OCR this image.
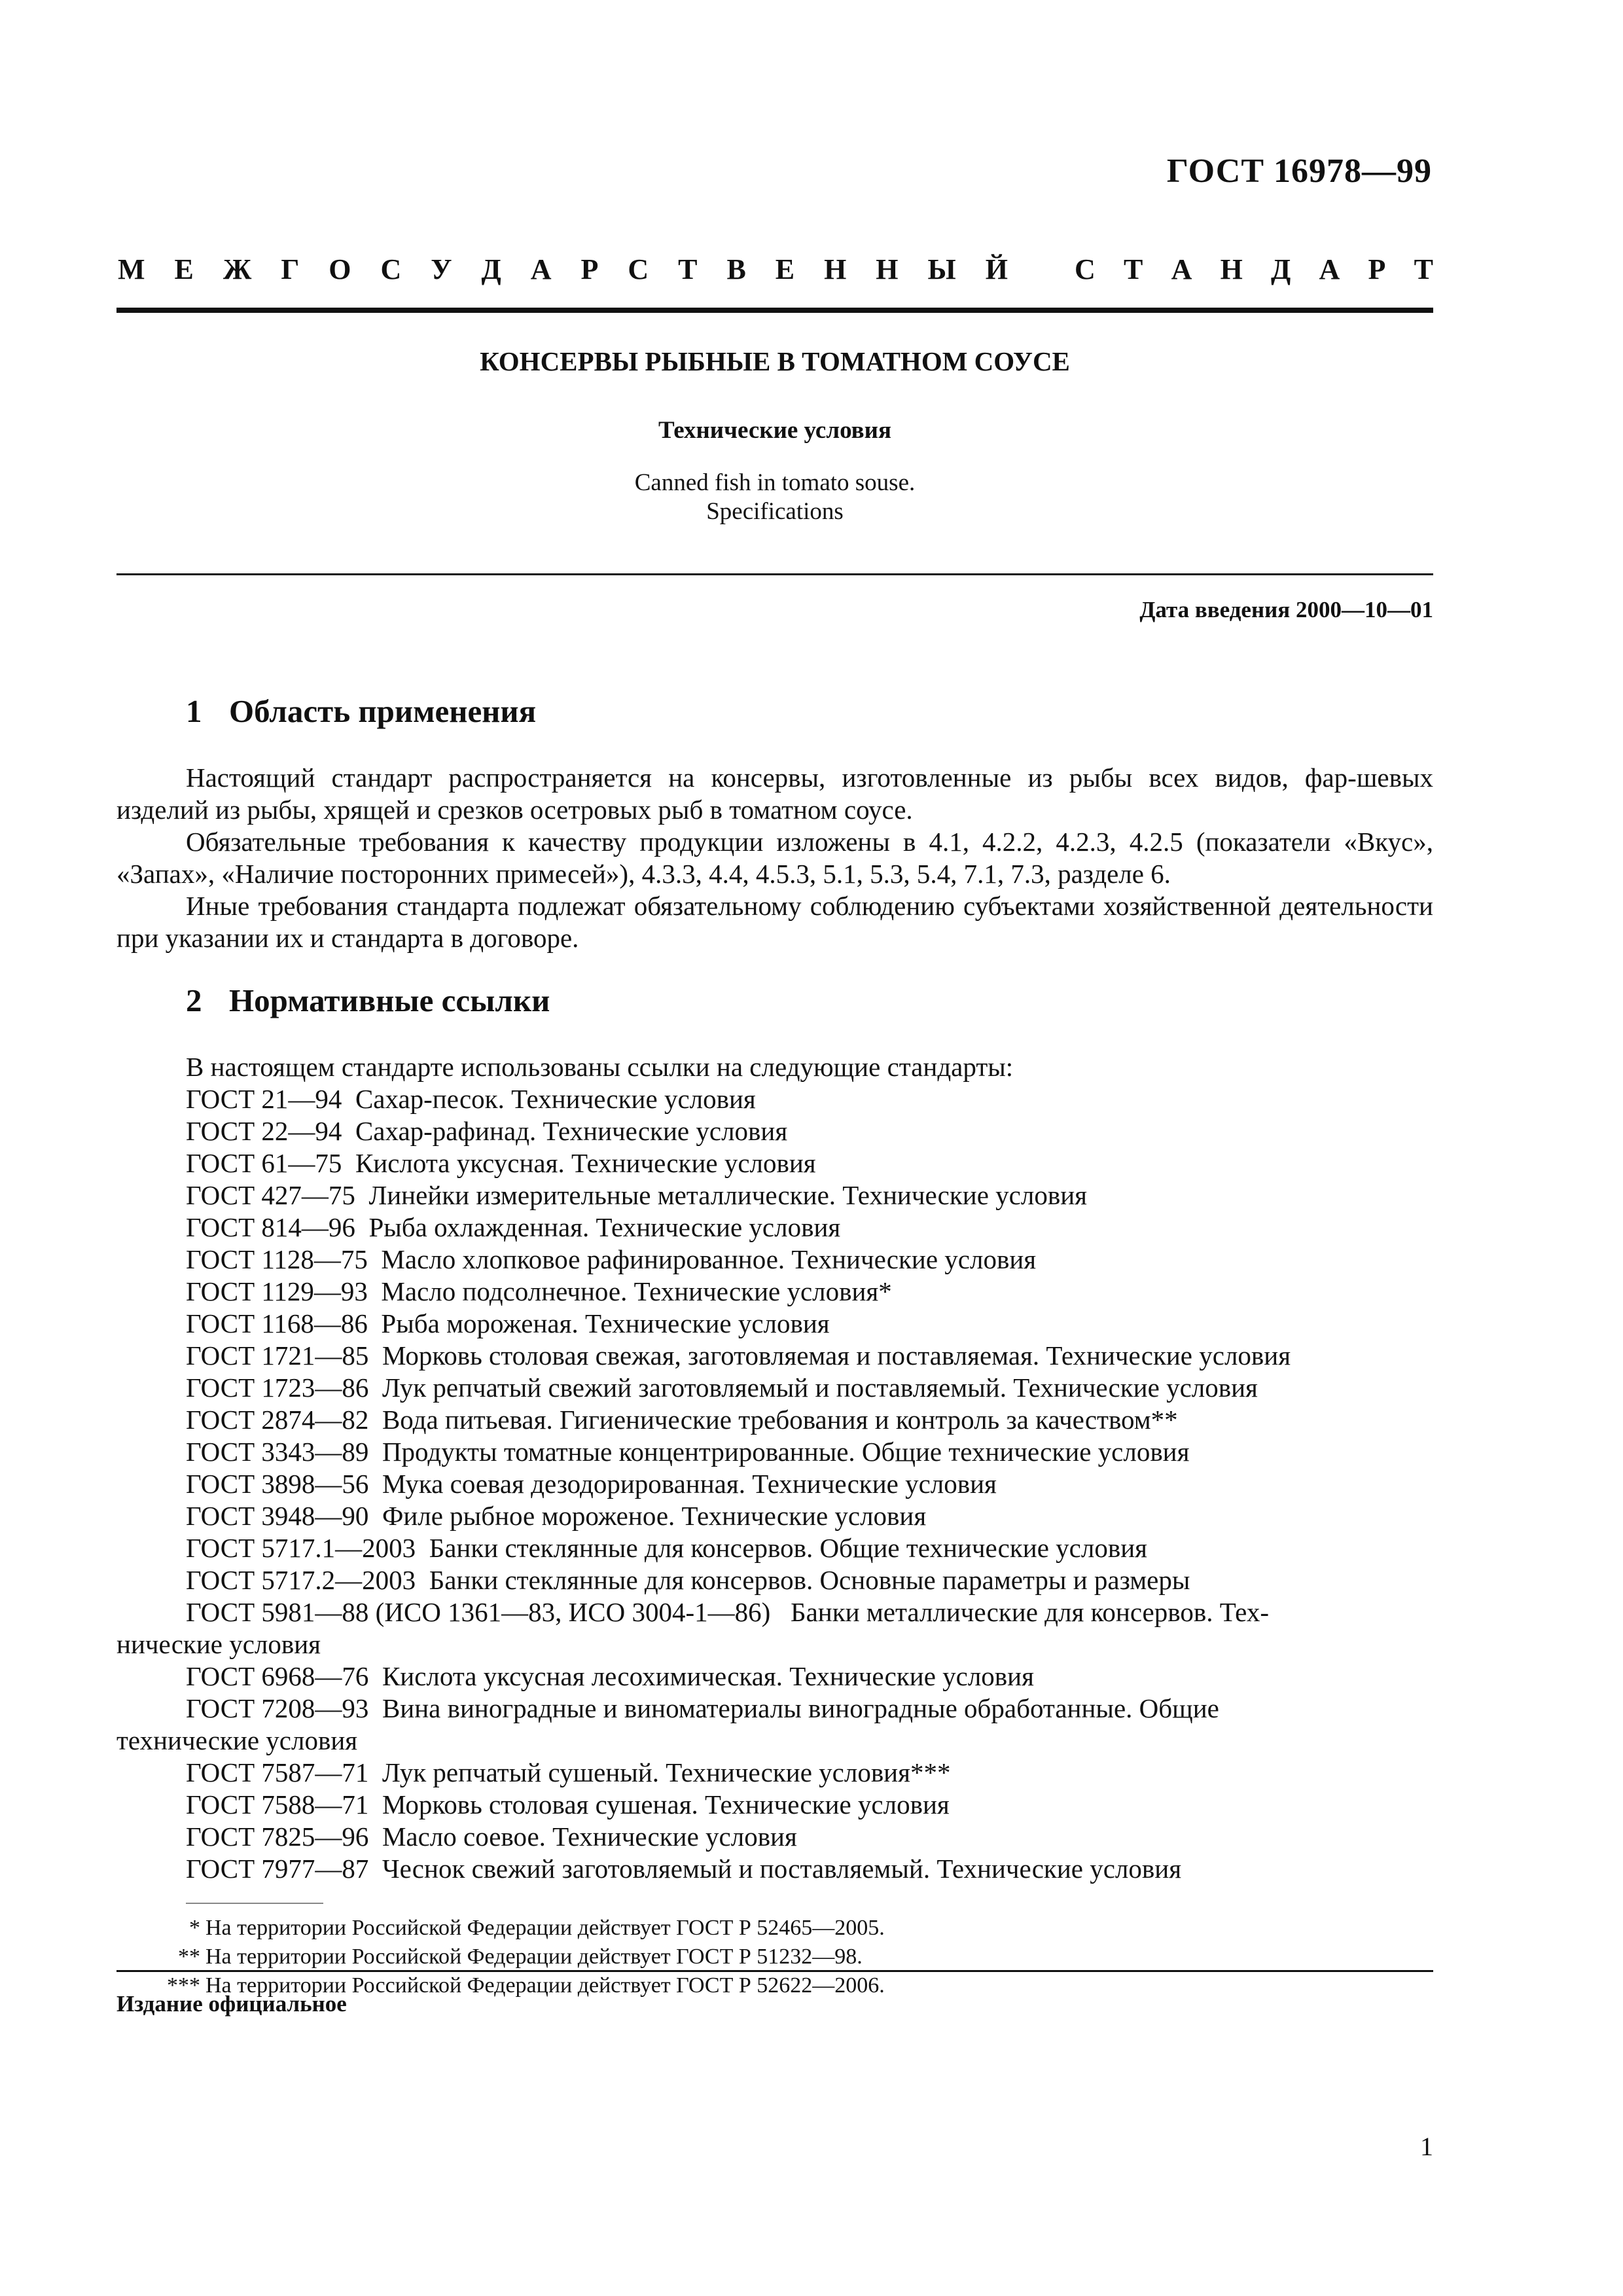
ГОСТ 16978—99
М Е Ж Г О С У Д А Р С Т В Е Н Н Ы Й С Т А Н Д А Р Т
КОНСЕРВЫ РЫБНЫЕ В ТОМАТНОМ СОУСЕ
Технические условия
Canned fish in tomato souse.
Specifications
Дата введения 2000—10—01
1 Область применения
Настоящий стандарт распространяется на консервы, изготовленные из рыбы всех видов, фар-шевых изделий из рыбы, хрящей и срезков осетровых рыб в томатном соусе.
Обязательные требования к качеству продукции изложены в 4.1, 4.2.2, 4.2.3, 4.2.5 (показатели «Вкус», «Запах», «Наличие посторонних примесей»), 4.3.3, 4.4, 4.5.3, 5.1, 5.3, 5.4, 7.1, 7.3, разделе 6.
Иные требования стандарта подлежат обязательному соблюдению субъектами хозяйственной деятельности при указании их и стандарта в договоре.
2 Нормативные ссылки
В настоящем стандарте использованы ссылки на следующие стандарты:
ГОСТ 21—94 Сахар-песок. Технические условия
ГОСТ 22—94 Сахар-рафинад. Технические условия
ГОСТ 61—75 Кислота уксусная. Технические условия
ГОСТ 427—75 Линейки измерительные металлические. Технические условия
ГОСТ 814—96 Рыба охлажденная. Технические условия
ГОСТ 1128—75 Масло хлопковое рафинированное. Технические условия
ГОСТ 1129—93 Масло подсолнечное. Технические условия*
ГОСТ 1168—86 Рыба мороженая. Технические условия
ГОСТ 1721—85 Морковь столовая свежая, заготовляемая и поставляемая. Технические условия
ГОСТ 1723—86 Лук репчатый свежий заготовляемый и поставляемый. Технические условия
ГОСТ 2874—82 Вода питьевая. Гигиенические требования и контроль за качеством**
ГОСТ 3343—89 Продукты томатные концентрированные. Общие технические условия
ГОСТ 3898—56 Мука соевая дезодорированная. Технические условия
ГОСТ 3948—90 Филе рыбное мороженое. Технические условия
ГОСТ 5717.1—2003 Банки стеклянные для консервов. Общие технические условия
ГОСТ 5717.2—2003 Банки стеклянные для консервов. Основные параметры и размеры
ГОСТ 5981—88 (ИСО 1361—83, ИСО 3004-1—86) Банки металлические для консервов. Тех-
нические условия
ГОСТ 6968—76 Кислота уксусная лесохимическая. Технические условия
ГОСТ 7208—93 Вина виноградные и виноматериалы виноградные обработанные. Общие
технические условия
ГОСТ 7587—71 Лук репчатый сушеный. Технические условия***
ГОСТ 7588—71 Морковь столовая сушеная. Технические условия
ГОСТ 7825—96 Масло соевое. Технические условия
ГОСТ 7977—87 Чеснок свежий заготовляемый и поставляемый. Технические условия
* На территории Российской Федерации действует ГОСТ Р 52465—2005.
** На территории Российской Федерации действует ГОСТ Р 51232—98.
*** На территории Российской Федерации действует ГОСТ Р 52622—2006.
Издание официальное
1
